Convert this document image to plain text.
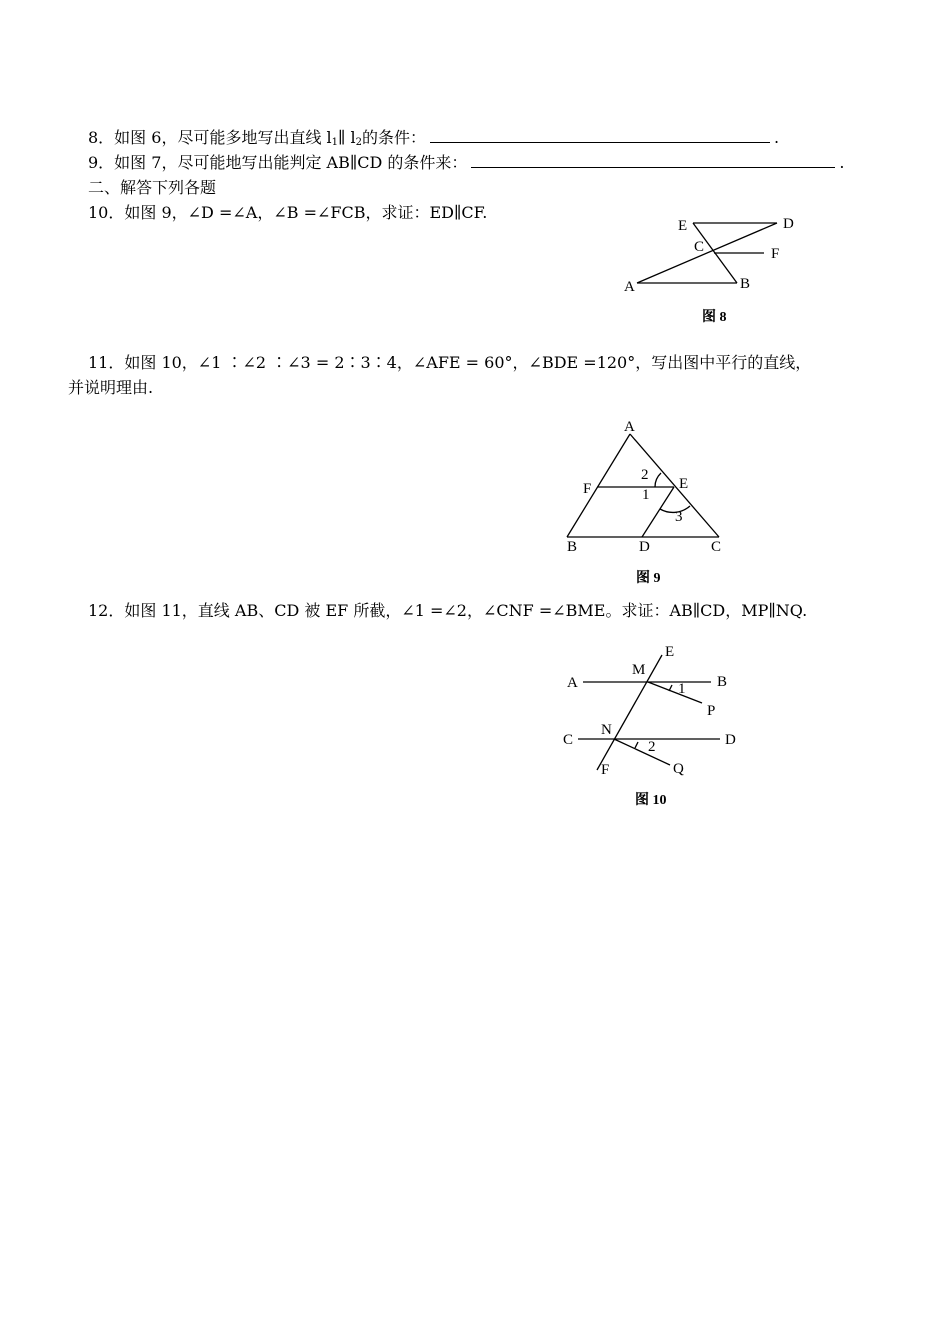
8．如图 6，尽可能多地写出直线 $l_1\parallel$ $l_2$的条件：	.
9．如图 7，尽可能地写出能判定 AB∥CD 的条件来：	.
二、解答下列各题
10．如图 9，∠D =∠A，∠B =∠FCB，求证：ED∥CF.
E	D
C	F
A	B
图 8
11．如图 10，∠1 ∶∠2 ∶∠3 = 2∶3∶4，∠AFE = 60°，∠BDE =120°，写出图中平行的直线，
并说明理由.
A
F	E
2
1
3
B	D	C
图 9
12．如图 11，直线 AB、CD 被 EF 所截，∠1 =∠2，∠CNF =∠BME。求证：AB∥CD，MP∥NQ.
E
M
A	B
1
P
N
C	D
2
F	Q
图 10
